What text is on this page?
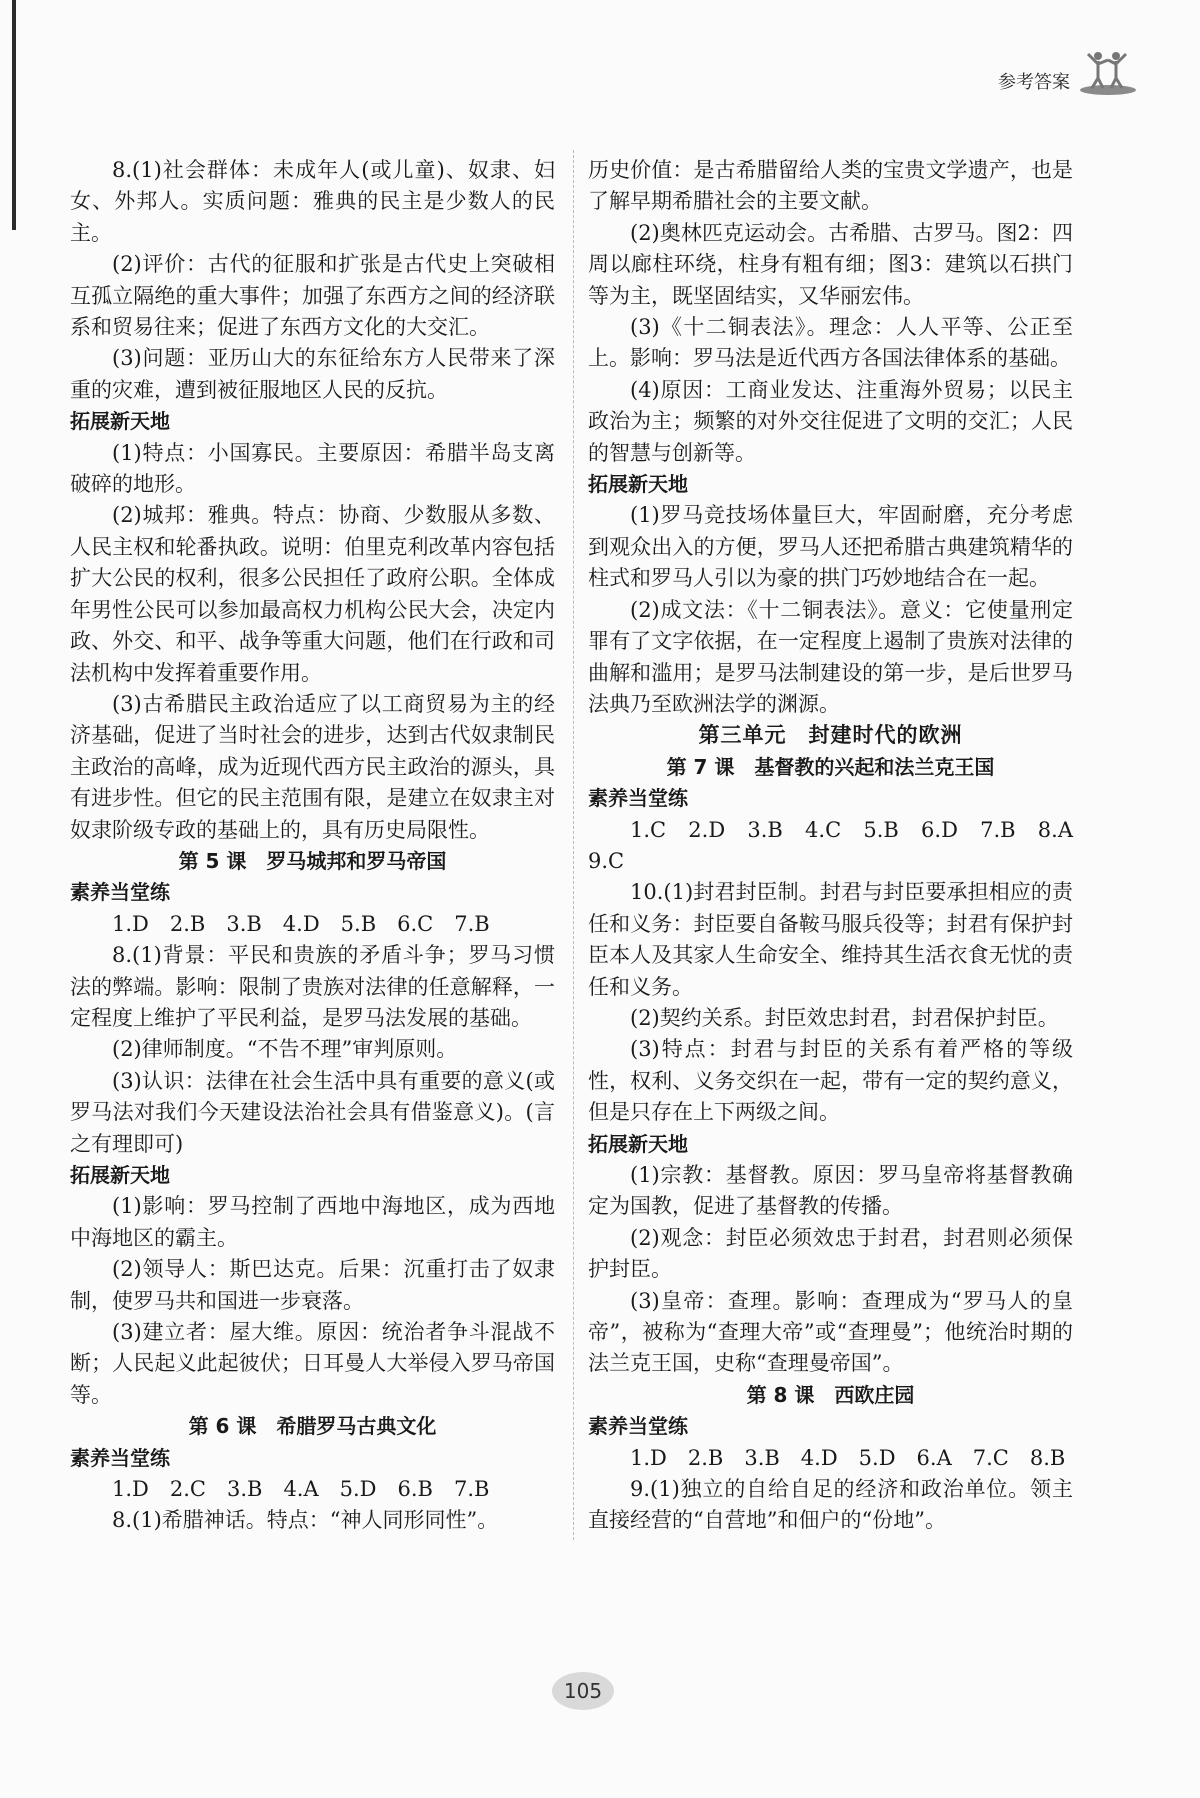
参考答案

8.(1)社会群体：未成年人(或儿童)、奴隶、妇女、外邦人。实质问题：雅典的民主是少数人的民主。

(2)评价：古代的征服和扩张是古代史上突破相互孤立隔绝的重大事件；加强了东西方之间的经济联系和贸易往来；促进了东西方文化的大交汇。

(3)问题：亚历山大的东征给东方人民带来了深重的灾难，遭到被征服地区人民的反抗。

拓展新天地

(1)特点：小国寡民。主要原因：希腊半岛支离破碎的地形。

(2)城邦：雅典。特点：协商、少数服从多数、人民主权和轮番执政。说明：伯里克利改革内容包括扩大公民的权利，很多公民担任了政府公职。全体成年男性公民可以参加最高权力机构公民大会，决定内政、外交、和平、战争等重大问题，他们在行政和司法机构中发挥着重要作用。

(3)古希腊民主政治适应了以工商贸易为主的经济基础，促进了当时社会的进步，达到古代奴隶制民主政治的高峰，成为近现代西方民主政治的源头，具有进步性。但它的民主范围有限，是建立在奴隶主对奴隶阶级专政的基础上的，具有历史局限性。

第 5 课　罗马城邦和罗马帝国

素养当堂练

1.D　2.B　3.B　4.D　5.B　6.C　7.B

8.(1)背景：平民和贵族的矛盾斗争；罗马习惯法的弊端。影响：限制了贵族对法律的任意解释，一定程度上维护了平民利益，是罗马法发展的基础。

(2)律师制度。“不告不理”审判原则。

(3)认识：法律在社会生活中具有重要的意义(或罗马法对我们今天建设法治社会具有借鉴意义)。(言之有理即可)

拓展新天地

(1)影响：罗马控制了西地中海地区，成为西地中海地区的霸主。

(2)领导人：斯巴达克。后果：沉重打击了奴隶制，使罗马共和国进一步衰落。

(3)建立者：屋大维。原因：统治者争斗混战不断；人民起义此起彼伏；日耳曼人大举侵入罗马帝国等。

第 6 课　希腊罗马古典文化

素养当堂练

1.D　2.C　3.B　4.A　5.D　6.B　7.B

8.(1)希腊神话。特点：“神人同形同性”。

历史价值：是古希腊留给人类的宝贵文学遗产，也是了解早期希腊社会的主要文献。

(2)奥林匹克运动会。古希腊、古罗马。图2：四周以廊柱环绕，柱身有粗有细；图3：建筑以石拱门等为主，既坚固结实，又华丽宏伟。

(3)《十二铜表法》。理念：人人平等、公正至上。影响：罗马法是近代西方各国法律体系的基础。

(4)原因：工商业发达、注重海外贸易；以民主政治为主；频繁的对外交往促进了文明的交汇；人民的智慧与创新等。

拓展新天地

(1)罗马竞技场体量巨大，牢固耐磨，充分考虑到观众出入的方便，罗马人还把希腊古典建筑精华的柱式和罗马人引以为豪的拱门巧妙地结合在一起。

(2)成文法：《十二铜表法》。意义：它使量刑定罪有了文字依据，在一定程度上遏制了贵族对法律的曲解和滥用；是罗马法制建设的第一步，是后世罗马法典乃至欧洲法学的渊源。

第三单元　封建时代的欧洲

第 7 课　基督教的兴起和法兰克王国

素养当堂练

1.C　2.D　3.B　4.C　5.B　6.D　7.B　8.A　9.C

10.(1)封君封臣制。封君与封臣要承担相应的责任和义务：封臣要自备鞍马服兵役等；封君有保护封臣本人及其家人生命安全、维持其生活衣食无忧的责任和义务。

(2)契约关系。封臣效忠封君，封君保护封臣。

(3)特点：封君与封臣的关系有着严格的等级性，权利、义务交织在一起，带有一定的契约意义，但是只存在上下两级之间。

拓展新天地

(1)宗教：基督教。原因：罗马皇帝将基督教确定为国教，促进了基督教的传播。

(2)观念：封臣必须效忠于封君，封君则必须保护封臣。

(3)皇帝：查理。影响：查理成为“罗马人的皇帝”，被称为“查理大帝”或“查理曼”；他统治时期的法兰克王国，史称“查理曼帝国”。

第 8 课　西欧庄园

素养当堂练

1.D　2.B　3.B　4.D　5.D　6.A　7.C　8.B

9.(1)独立的自给自足的经济和政治单位。领主直接经营的“自营地”和佃户的“份地”。

105
